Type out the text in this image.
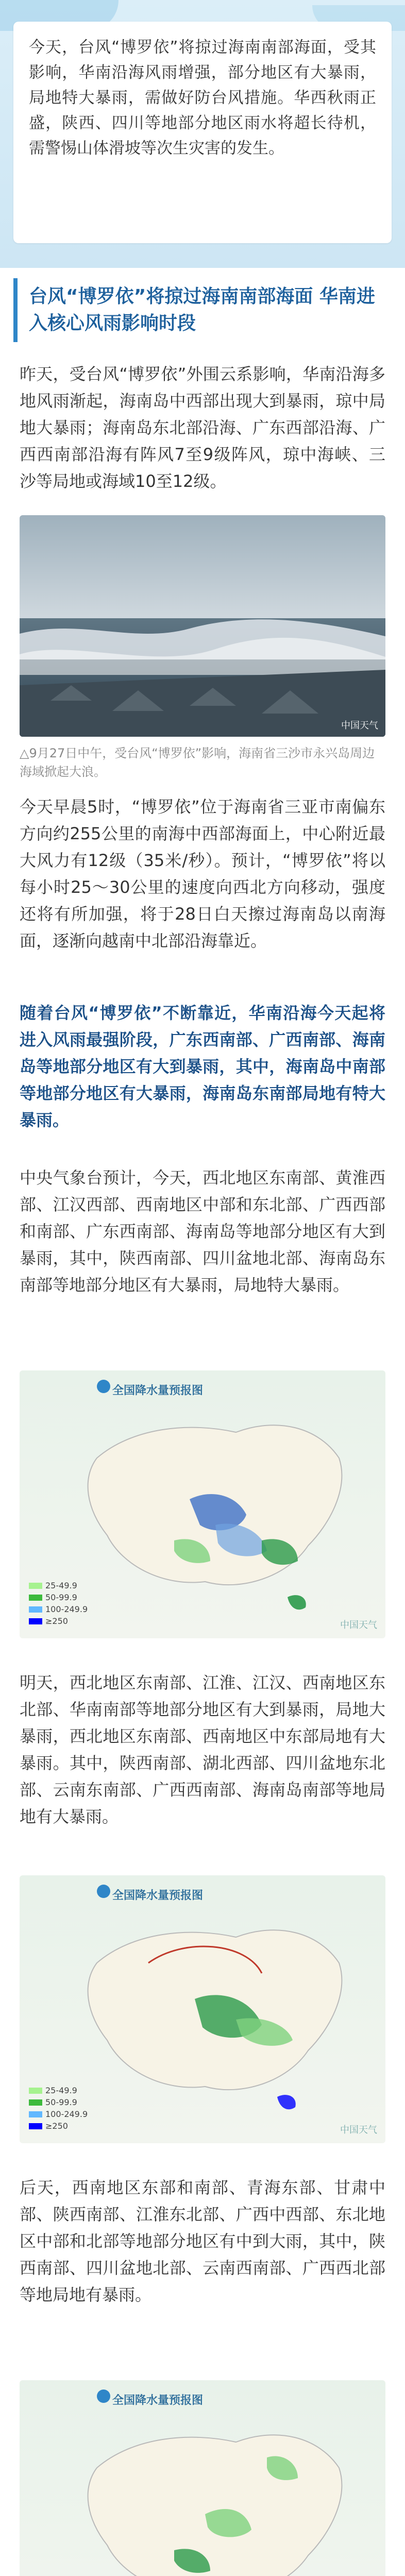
今天，台风“博罗依”将掠过海南南部海面，受其影响，华南沿海风雨增强，部分地区有大暴雨，局地特大暴雨，需做好防台风措施。华西秋雨正盛，陕西、四川等地部分地区雨水将超长待机，需警惕山体滑坡等次生灾害的发生。

台风“博罗依”将掠过海南南部海面 华南进入核心风雨影响时段

昨天，受台风“博罗依”外围云系影响，华南沿海多地风雨渐起，海南岛中西部出现大到暴雨，琼中局地大暴雨；海南岛东北部沿海、广东西部沿海、广西西南部沿海有阵风7至9级阵风，琼中海峡、三沙等局地或海域10至12级。

中国天气
△9月27日中午，受台风“博罗依”影响，海南省三沙市永兴岛周边海域掀起大浪。

今天早晨5时，“博罗依”位于海南省三亚市南偏东方向约255公里的南海中西部海面上，中心附近最大风力有12级（35米/秒）。预计，“博罗依”将以每小时25～30公里的速度向西北方向移动，强度还将有所加强，将于28日白天擦过海南岛以南海面，逐渐向越南中北部沿海靠近。

随着台风“博罗依”不断靠近，华南沿海今天起将进入风雨最强阶段，广东西南部、广西南部、海南岛等地部分地区有大到暴雨，其中，海南岛中南部等地部分地区有大暴雨，海南岛东南部局地有特大暴雨。

中央气象台预计，今天，西北地区东南部、黄淮西部、江汉西部、西南地区中部和东北部、广西西部和南部、广东西南部、海南岛等地部分地区有大到暴雨，其中，陕西南部、四川盆地北部、海南岛东南部等地部分地区有大暴雨，局地特大暴雨。

全国降水量预报图
25-49.9
50-99.9
100-249.9
≥250	中国天气

明天，西北地区东南部、江淮、江汉、西南地区东北部、华南南部等地部分地区有大到暴雨，局地大暴雨，西北地区东南部、西南地区中东部局地有大暴雨。其中，陕西南部、湖北西部、四川盆地东北部、云南东南部、广西西南部、海南岛南部等地局地有大暴雨。

全国降水量预报图
25-49.9
50-99.9
100-249.9
≥250	中国天气

后天，西南地区东部和南部、青海东部、甘肃中部、陕西南部、江淮东北部、广西中西部、东北地区中部和北部等地部分地区有中到大雨，其中，陕西南部、四川盆地北部、云南西南部、广西西北部等地局地有暴雨。

全国降水量预报图
